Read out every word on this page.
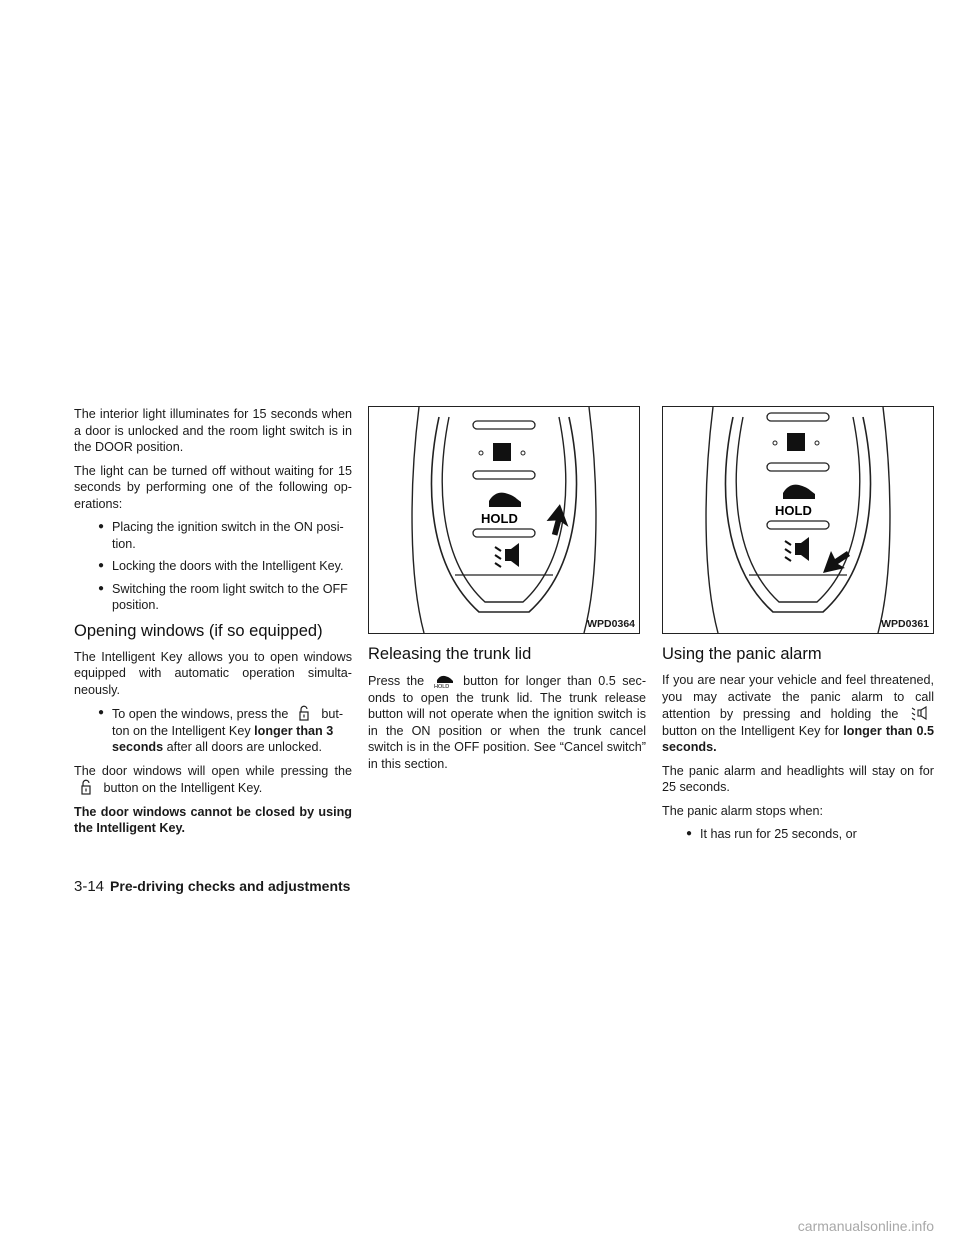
The interior light illuminates for 15 seconds when a door is unlocked and the room light switch is in the DOOR position.

The light can be turned off without waiting for 15 seconds by performing one of the following op-erations:

● Placing the ignition switch in the ON posi-tion.
● Locking the doors with the Intelligent Key.
● Switching the room light switch to the OFF position.
Opening windows (if so equipped)

The Intelligent Key allows you to open windows equipped with automatic operation simulta-neously.

● To open the windows, press the	but-ton on the Intelligent Key longer than 3 seconds after all doors are unlocked.

The door windows will open while pressing the  button on the Intelligent Key.

The door windows cannot be closed by using the Intelligent Key.

HOLD
WPD0364
Releasing the trunk lid

Press the HOLD button for longer than 0.5 sec-onds to open the trunk lid. The trunk release button will not operate when the ignition switch is in the ON position or when the trunk cancel switch is in the OFF position. See “Cancel switch” in this section.

HOLD
WPD0361
Using the panic alarm

If you are near your vehicle and feel threatened, you may activate the panic alarm to call attention by pressing and holding the  button on the Intelligent Key for longer than 0.5 seconds.

The panic alarm and headlights will stay on for 25 seconds.

The panic alarm stops when:

● It has run for 25 seconds, or
3-14 Pre-driving checks and adjustments
carmanualsonline.info
